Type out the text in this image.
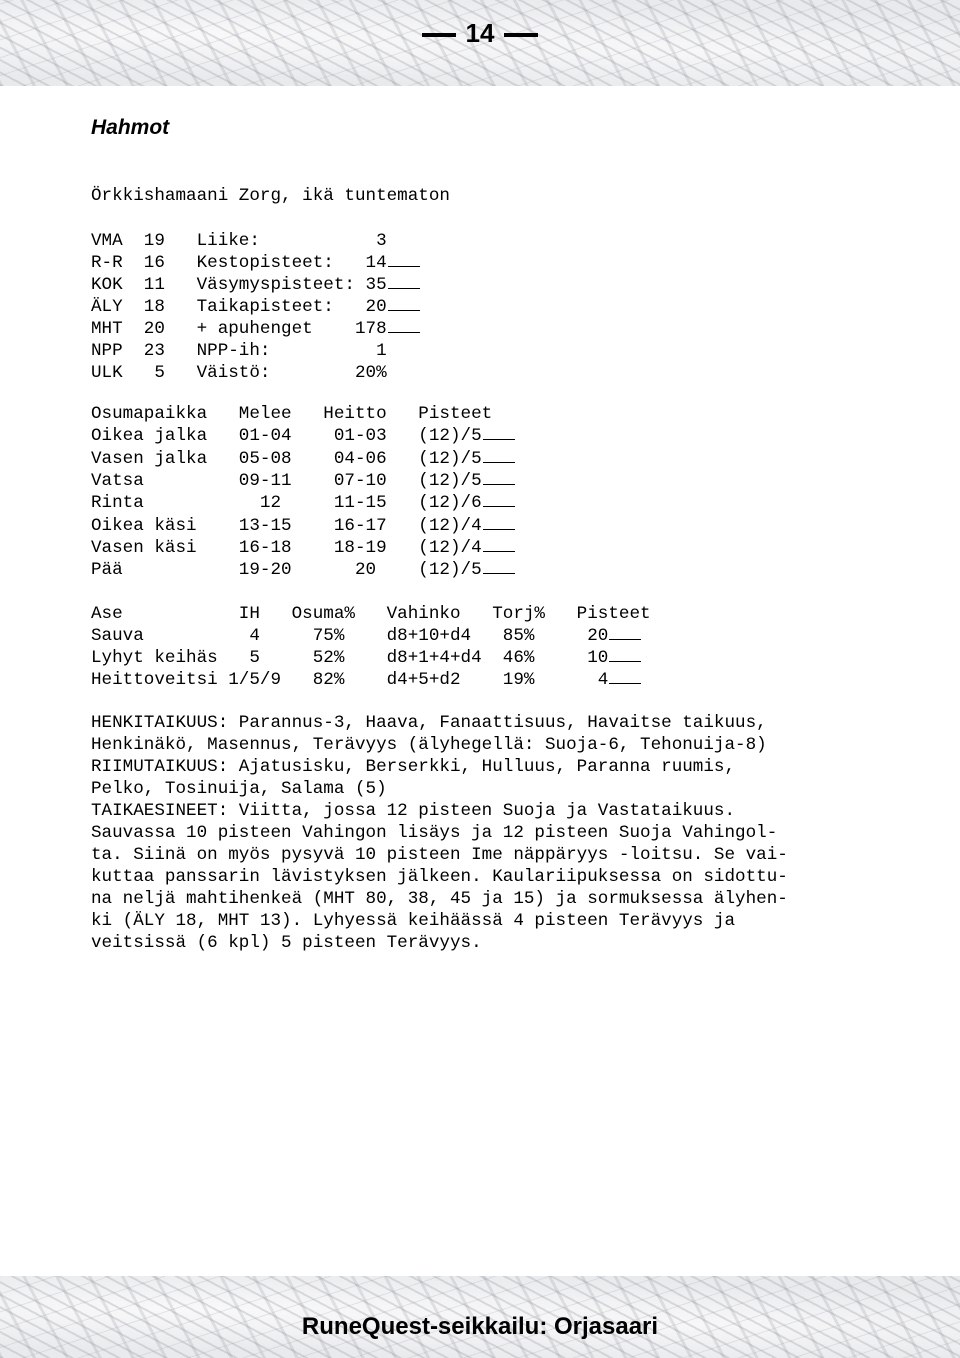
14
Hahmot
Örkkishamaani Zorg, ikä tuntematon
VMA  19   Liike:           3
R-R  16   Kestopisteet:   14
KOK  11   Väsymyspisteet: 35
ÄLY  18   Taikapisteet:   20
MHT  20   + apuhenget    178
NPP  23   NPP-ih:          1
ULK   5   Väistö:        20%
Osumapaikka   Melee   Heitto   Pisteet
Oikea jalka   01-04    01-03   (12)/5
Vasen jalka   05-08    04-06   (12)/5
Vatsa         09-11    07-10   (12)/5
Rinta           12     11-15   (12)/6
Oikea käsi    13-15    16-17   (12)/4
Vasen käsi    16-18    18-19   (12)/4
Pää           19-20      20    (12)/5
Ase           IH   Osuma%   Vahinko   Torj%   Pisteet
Sauva          4     75%    d8+10+d4   85%     20
Lyhyt keihäs   5     52%    d8+1+4+d4  46%     10
Heittoveitsi 1/5/9   82%    d4+5+d2    19%      4
HENKITAIKUUS: Parannus-3, Haava, Fanaattisuus, Havaitse taikuus,
Henkinäkö, Masennus, Terävyys (älyhegellä: Suoja-6, Tehonuija-8)
RIIMUTAIKUUS: Ajatusisku, Berserkki, Hulluus, Paranna ruumis,
Pelko, Tosinuija, Salama (5)
TAIKAESINEET: Viitta, jossa 12 pisteen Suoja ja Vastataikuus.
Sauvassa 10 pisteen Vahingon lisäys ja 12 pisteen Suoja Vahingol-
ta. Siinä on myös pysyvä 10 pisteen Ime näppäryys -loitsu. Se vai-
kuttaa panssarin lävistyksen jälkeen. Kaulariipuksessa on sidottu-
na neljä mahtihenkeä (MHT 80, 38, 45 ja 15) ja sormuksessa älyhen-
ki (ÄLY 18, MHT 13). Lyhyessä keihäässä 4 pisteen Terävyys ja
veitsissä (6 kpl) 5 pisteen Terävyys.
RuneQuest-seikkailu: Orjasaari
